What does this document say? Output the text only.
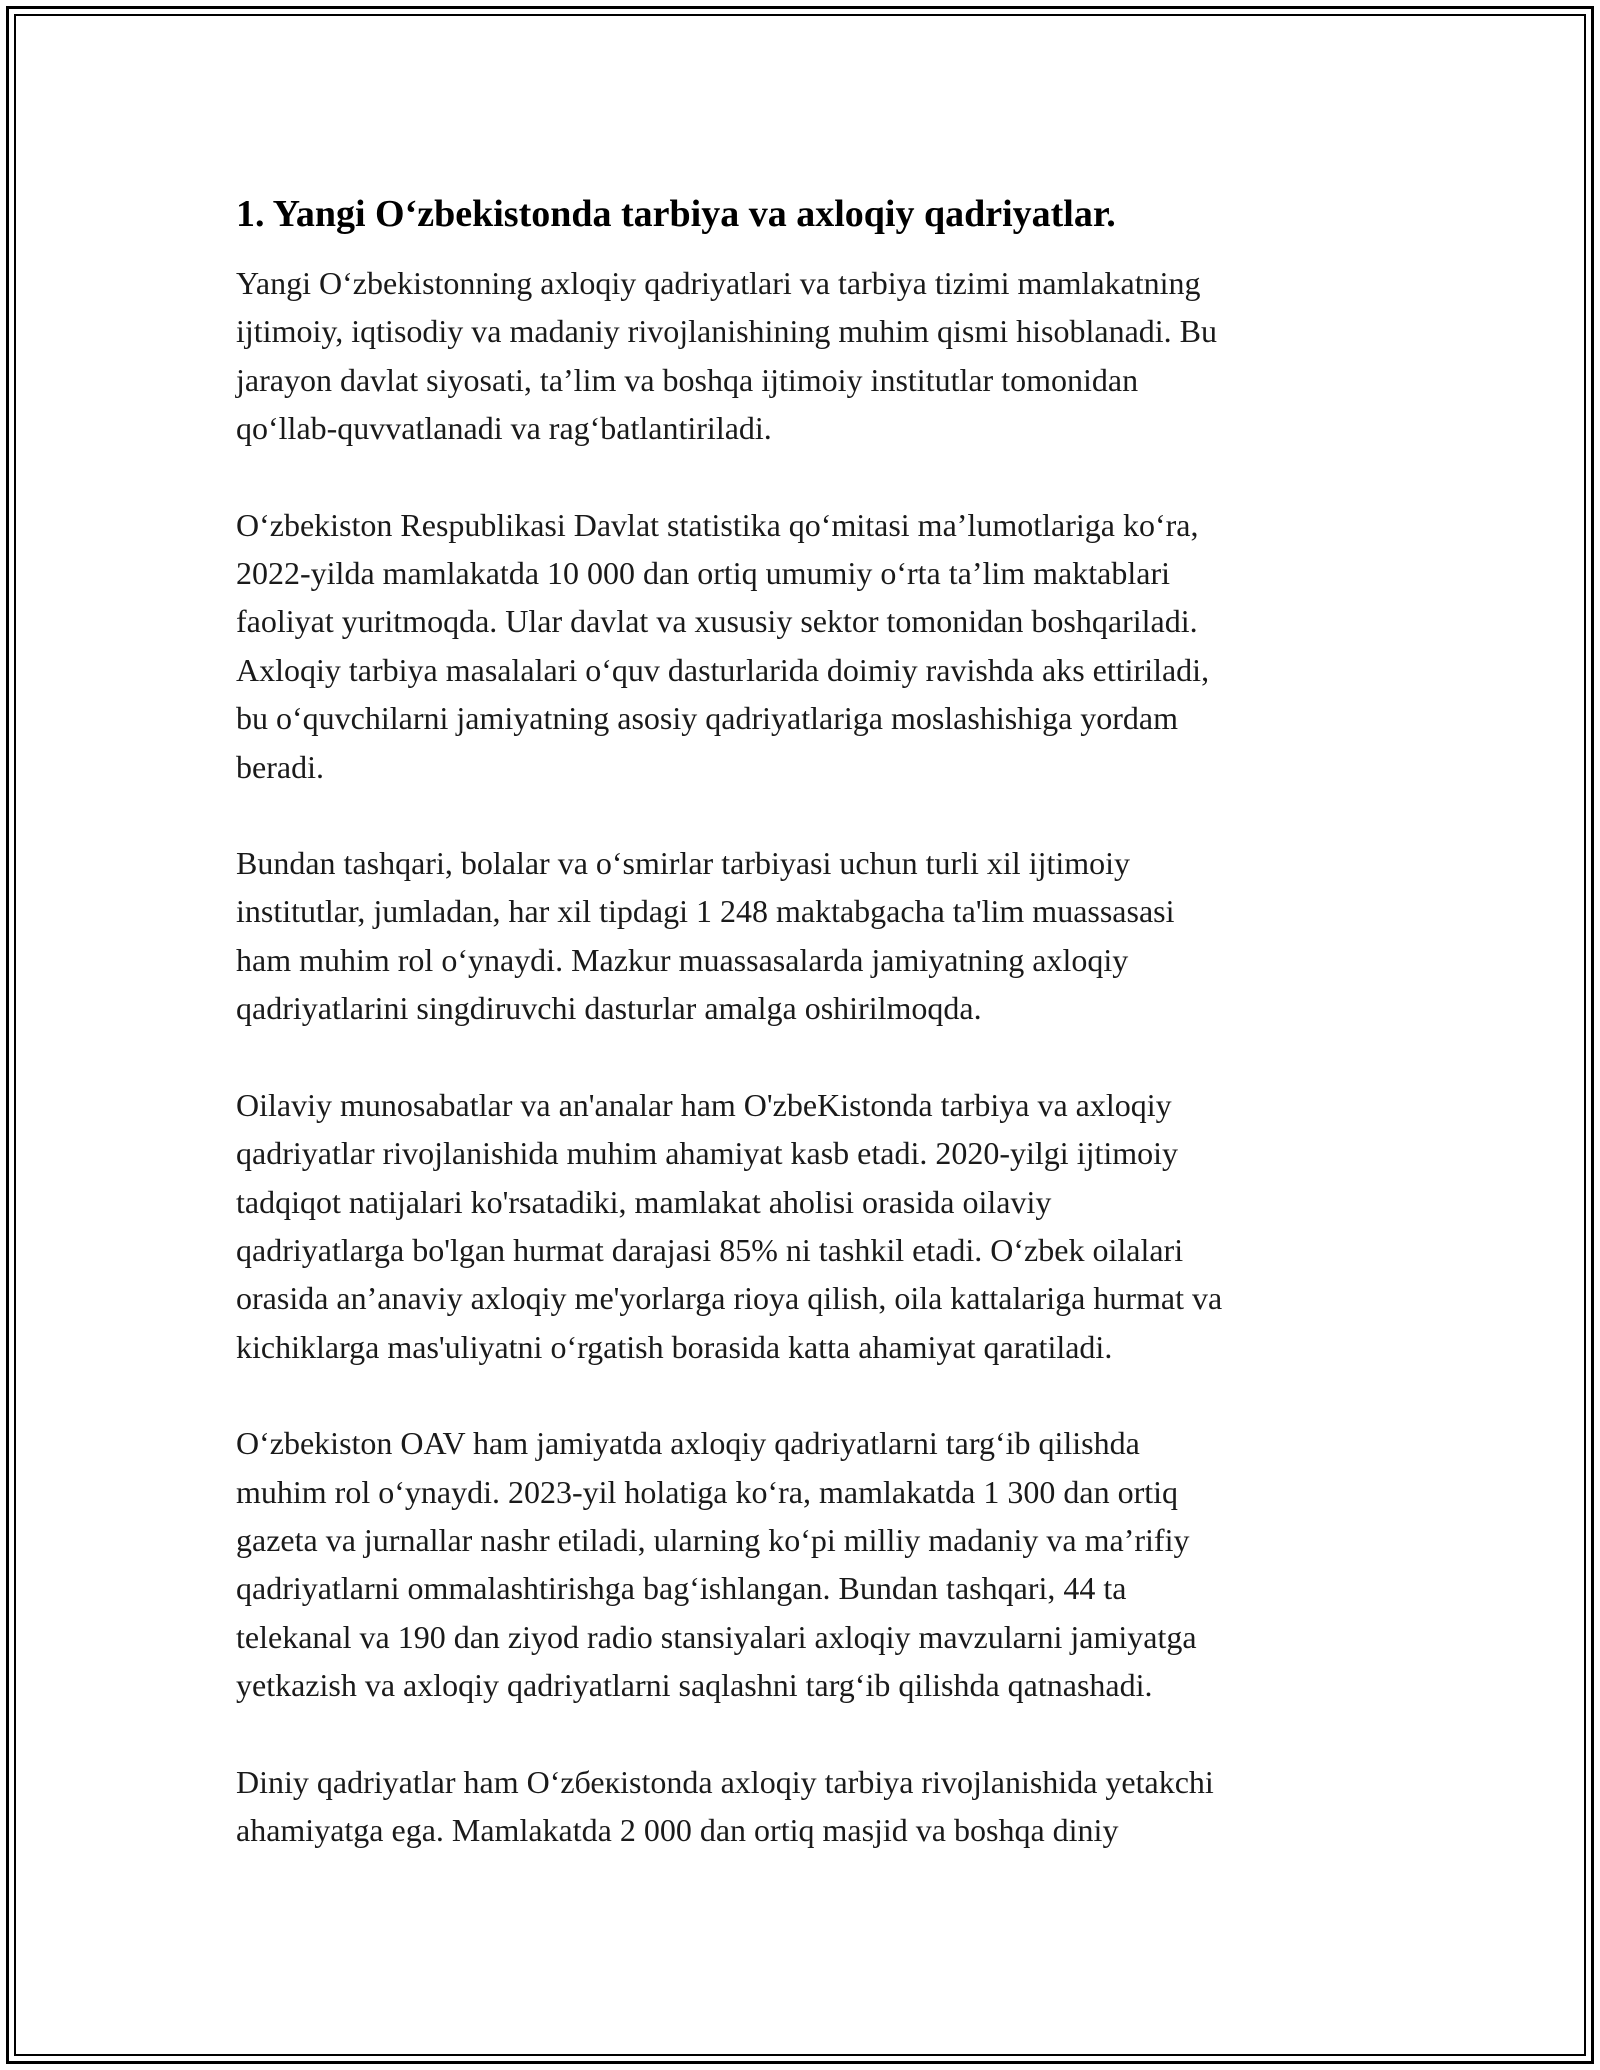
1. Yangi O‘zbekistonda tarbiya va axloqiy qadriyatlar.

Yangi O‘zbekistonning axloqiy qadriyatlari va tarbiya tizimi mamlakatning
ijtimoiy, iqtisodiy va madaniy rivojlanishining muhim qismi hisoblanadi. Bu
jarayon davlat siyosati, ta’lim va boshqa ijtimoiy institutlar tomonidan
qo‘llab-quvvatlanadi va rag‘batlantiriladi.

O‘zbekiston Respublikasi Davlat statistika qo‘mitasi ma’lumotlariga ko‘ra,
2022-yilda mamlakatda 10 000 dan ortiq umumiy o‘rta ta’lim maktablari
faoliyat yuritmoqda. Ular davlat va xususiy sektor tomonidan boshqariladi.
Axloqiy tarbiya masalalari o‘quv dasturlarida doimiy ravishda aks ettiriladi,
bu o‘quvchilarni jamiyatning asosiy qadriyatlariga moslashishiga yordam
beradi.

Bundan tashqari, bolalar va o‘smirlar tarbiyasi uchun turli xil ijtimoiy
institutlar, jumladan, har xil tipdagi 1 248 maktabgacha ta'lim muassasasi
ham muhim rol o‘ynaydi. Mazkur muassasalarda jamiyatning axloqiy
qadriyatlarini singdiruvchi dasturlar amalga oshirilmoqda.

Oilaviy munosabatlar va an'analar ham O'zbeKistonda tarbiya va axloqiy
qadriyatlar rivojlanishida muhim ahamiyat kasb etadi. 2020-yilgi ijtimoiy
tadqiqot natijalari ko'rsatadiki, mamlakat aholisi orasida oilaviy
qadriyatlarga bo'lgan hurmat darajasi 85% ni tashkil etadi. O‘zbek oilalari
orasida an’anaviy axloqiy me'yorlarga rioya qilish, oila kattalariga hurmat va
kichiklarga mas'uliyatni o‘rgatish borasida katta ahamiyat qaratiladi.

O‘zbekiston OAV ham jamiyatda axloqiy qadriyatlarni targ‘ib qilishda
muhim rol o‘ynaydi. 2023-yil holatiga ko‘ra, mamlakatda 1 300 dan ortiq
gazeta va jurnallar nashr etiladi, ularning ko‘pi milliy madaniy va ma’rifiy
qadriyatlarni ommalashtirishga bag‘ishlangan. Bundan tashqari, 44 ta
telekanal va 190 dan ziyod radio stansiyalari axloqiy mavzularni jamiyatga
yetkazish va axloqiy qadriyatlarni saqlashni targ‘ib qilishda qatnashadi.

Diniy qadriyatlar ham O‘zбекistonda axloqiy tarbiya rivojlanishida yetakchi
ahamiyatga ega. Mamlakatda 2 000 dan ortiq masjid va boshqa diniy
